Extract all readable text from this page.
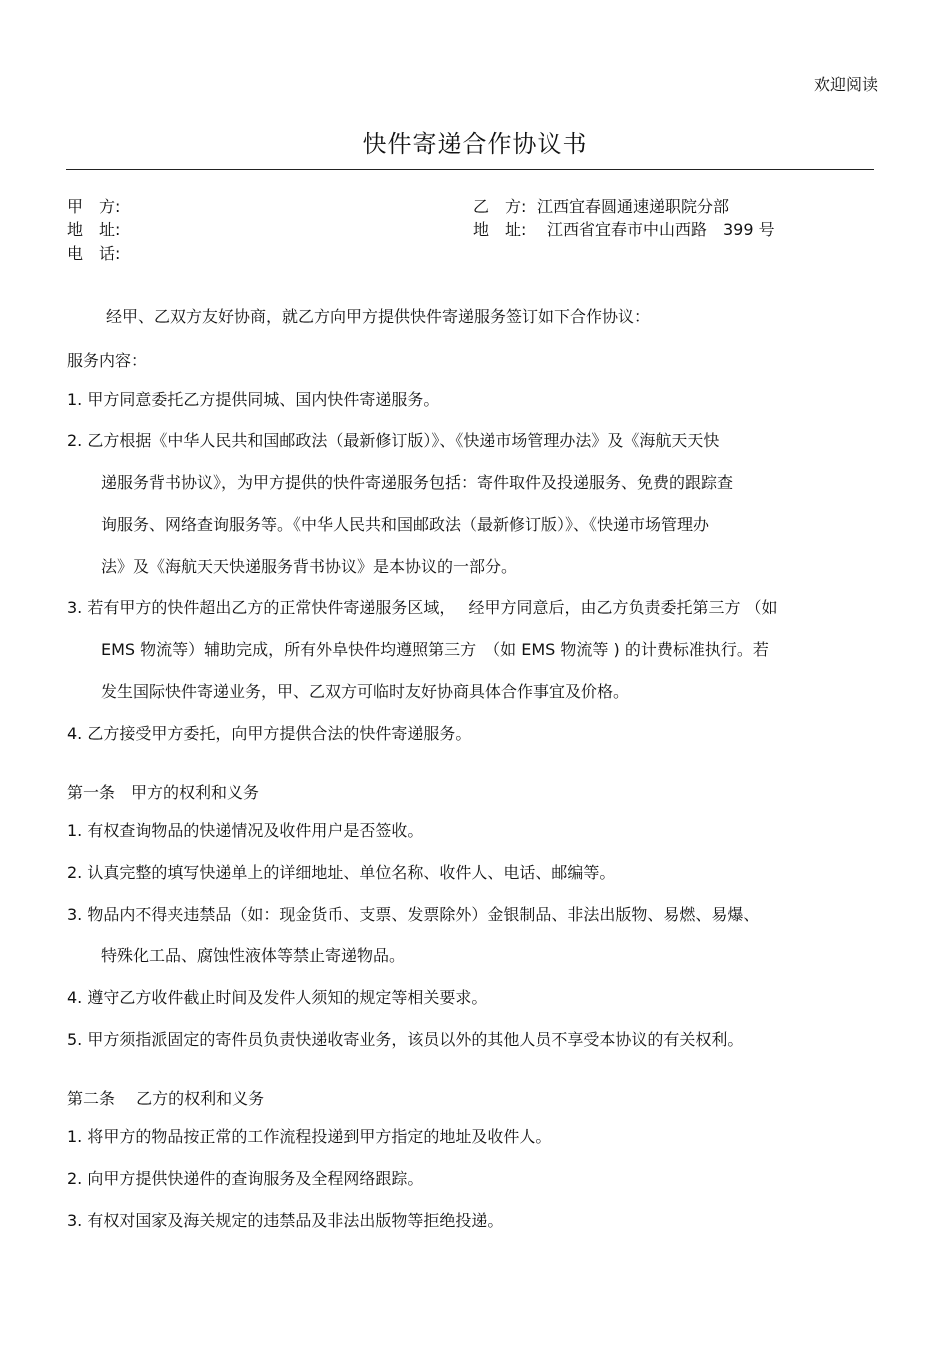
欢迎阅读
快件寄递合作协议书
甲　方:
地　址:
电　话:
乙　方: 江西宜春圆通速递职院分部
地　址: 江西省宜春市中山西路　399 号
经甲、乙双方友好协商，就乙方向甲方提供快件寄递服务签订如下合作协议：
服务内容：
1. 甲方同意委托乙方提供同城、国内快件寄递服务。
2. 乙方根据《中华人民共和国邮政法（最新修订版）》、《快递市场管理办法》及《海航天天快
递服务背书协议》，为甲方提供的快件寄递服务包括：寄件取件及投递服务、免费的跟踪查
询服务、网络查询服务等。《中华人民共和国邮政法（最新修订版）》、《快递市场管理办
法》及《海航天天快递服务背书协议》是本协议的一部分。
3. 若有甲方的快件超出乙方的正常快件寄递服务区域，　 经甲方同意后，由乙方负责委托第三方 （如
EMS 物流等）辅助完成，所有外阜快件均遵照第三方　（如 EMS 物流等 ) 的计费标准执行。若
发生国际快件寄递业务，甲、乙双方可临时友好协商具体合作事宜及价格。
4. 乙方接受甲方委托，向甲方提供合法的快件寄递服务。
第一条　甲方的权利和义务
1. 有权查询物品的快递情况及收件用户是否签收。
2. 认真完整的填写快递单上的详细地址、单位名称、收件人、电话、邮编等。
3. 物品内不得夹违禁品（如：现金货币、支票、发票除外）金银制品、非法出版物、易燃、易爆、
特殊化工品、腐蚀性液体等禁止寄递物品。
4. 遵守乙方收件截止时间及发件人须知的规定等相关要求。
5. 甲方须指派固定的寄件员负责快递收寄业务，该员以外的其他人员不享受本协议的有关权利。
第二条　 乙方的权利和义务
1. 将甲方的物品按正常的工作流程投递到甲方指定的地址及收件人。
2. 向甲方提供快递件的查询服务及全程网络跟踪。
3. 有权对国家及海关规定的违禁品及非法出版物等拒绝投递。
